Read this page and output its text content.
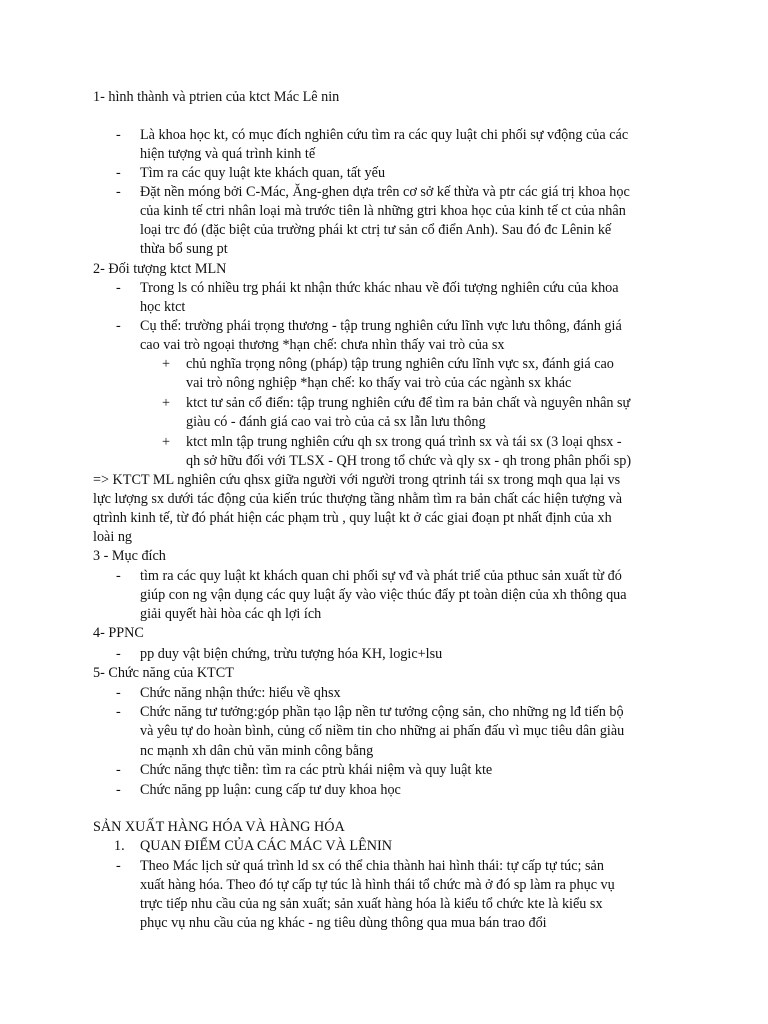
1- hình thành và ptrien của ktct Mác Lê nin
Là khoa học kt, có mục đích nghiên cứu tìm ra các quy luật chi phối sự vđộng của các
-
hiện tượng và quá trình kinh tế
Tìm ra các quy luật kte khách quan, tất yếu
-
Đặt nền móng bởi C-Mác, Ăng-ghen dựa trên cơ sở kế thừa và ptr các giá trị khoa học
-
của kinh tế ctri nhân loại mà trước tiên là những gtri khoa học của kinh tế ct của nhân
loại trc đó (đặc biệt của trường phái kt ctrị tư sản cổ điển Anh). Sau đó đc Lênin kế
thừa bổ sung pt
2- Đối tượng ktct MLN
Trong ls có nhiều trg phái kt nhận thức khác nhau về đối tượng nghiên cứu của khoa
-
học ktct
Cụ thể: trường phái trọng thương - tập trung nghiên cứu lĩnh vực lưu thông, đánh giá
-
cao vai trò ngoại thương *hạn chế: chưa nhìn thấy vai trò của sx
chủ nghĩa trọng nông (pháp) tập trung nghiên cứu lĩnh vực sx, đánh giá cao
+
vai trò nông nghiệp *hạn chế: ko thấy vai trò của các ngành sx khác
ktct tư sản cổ điển: tập trung nghiên cứu để tìm ra bản chất và nguyên nhân sự
+
giàu có - đánh giá cao vai trò của cả sx lẫn lưu thông
ktct mln tập trung nghiên cứu qh sx trong quá trình sx và tái sx (3 loại qhsx -
+
qh sở hữu đối với TLSX - QH trong tổ chức và qly sx - qh trong phân phối sp)
=> KTCT ML nghiên cứu qhsx giữa người với người trong qtrinh tái sx trong mqh qua lại vs
lực lượng sx dưới tác động của kiến trúc thượng tầng nhằm tìm ra bản chất các hiện tượng và
qtrình kinh tế, từ đó phát hiện các phạm trù , quy luật kt ở các giai đoạn pt nhất định của xh
loài ng
3 - Mục đích
tìm ra các quy luật kt khách quan chi phối sự vđ và phát triể của pthuc sản xuất từ đó
-
giúp con ng vận dụng các quy luật ấy vào việc thúc đẩy pt toàn diện của xh thông qua
giải quyết hài hòa các qh lợi ích
4- PPNC
pp duy vật biện chứng, trừu tượng hóa KH, logic+lsu
-
5- Chức năng của KTCT
Chức năng nhận thức: hiểu về qhsx
-
Chức năng tư tưởng:góp phần tạo lập nền tư tưởng cộng sản, cho những ng lđ tiến bộ
-
và yêu tự do hoàn bình, củng cố niềm tin cho những ai phấn đấu vì mục tiêu dân giàu
nc mạnh xh dân chủ văn minh công bằng
Chức năng thực tiễn: tìm ra các ptrù khái niệm và quy luật kte
-
Chức năng pp luận: cung cấp tư duy khoa học
-
SẢN XUẤT HÀNG HÓA VÀ HÀNG HÓA
QUAN ĐIỂM CỦA CÁC MÁC VÀ LÊNIN
1.
Theo Mác lịch sử quá trình ld sx có thể chia thành hai hình thái: tự cấp tự túc; sản
-
xuất hàng hóa. Theo đó tự cấp tự túc là hình thái tổ chức mà ở đó sp làm ra phục vụ
trực tiếp nhu cầu của ng sản xuất; sản xuất hàng hóa là kiểu tổ chức kte là kiểu sx
phục vụ nhu cầu của ng khác - ng tiêu dùng thông qua mua bán trao đổi
